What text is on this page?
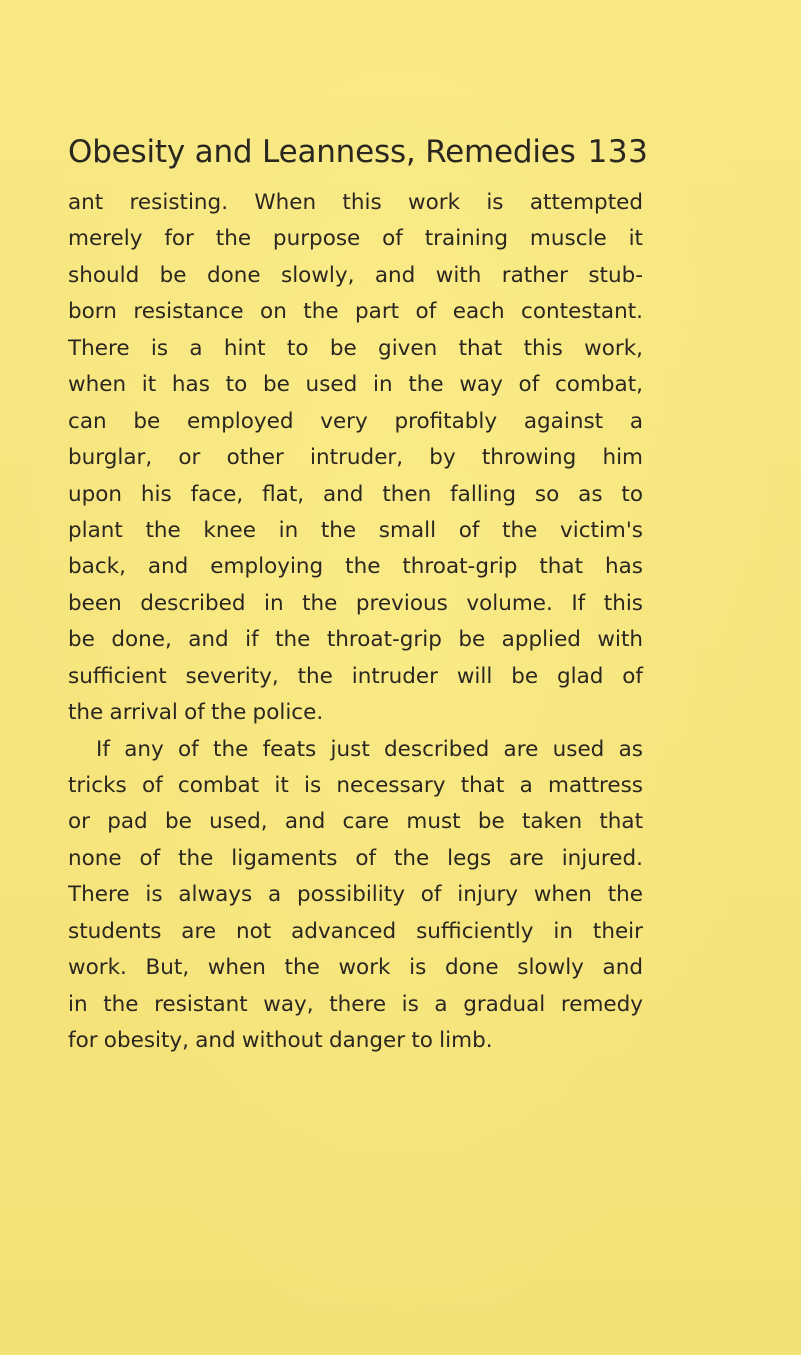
Obesity and Leanness, Remedies 133
ant resisting. When this work is attempted
merely for the purpose of training muscle it
should be done slowly, and with rather stub-
born resistance on the part of each contestant.
There is a hint to be given that this work,
when it has to be used in the way of combat,
can be employed very profitably against a
burglar, or other intruder, by throwing him
upon his face, flat, and then falling so as to
plant the knee in the small of the victim's
back, and employing the throat-grip that has
been described in the previous volume. If this
be done, and if the throat-grip be applied with
sufficient severity, the intruder will be glad of
the arrival of the police.
If any of the feats just described are used as
tricks of combat it is necessary that a mattress
or pad be used, and care must be taken that
none of the ligaments of the legs are injured.
There is always a possibility of injury when the
students are not advanced sufficiently in their
work. But, when the work is done slowly and
in the resistant way, there is a gradual remedy
for obesity, and without danger to limb.
